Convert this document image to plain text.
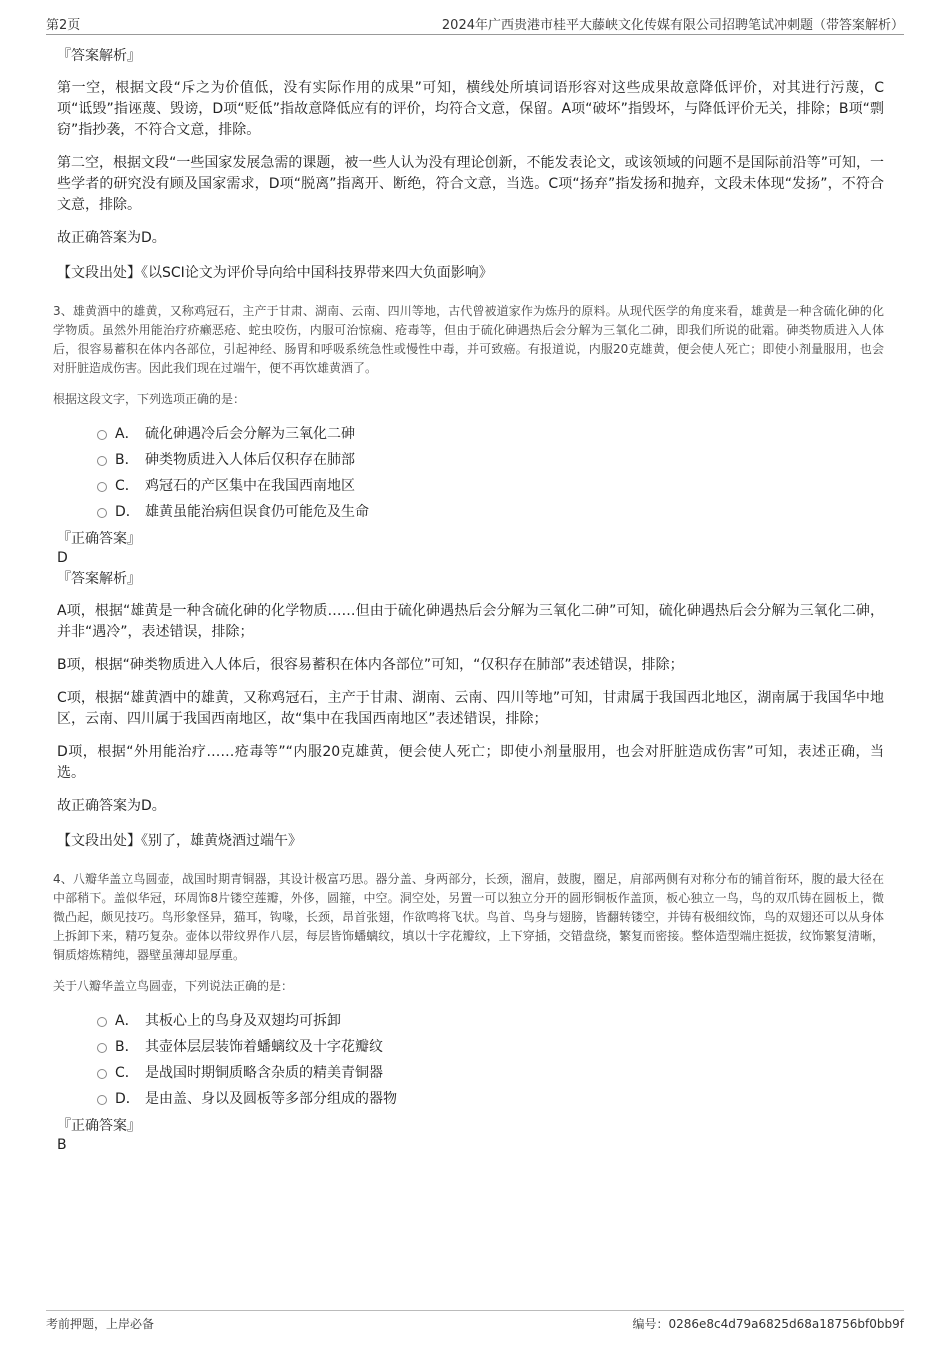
第2页	2024年广西贵港市桂平大藤峡文化传媒有限公司招聘笔试冲刺题（带答案解析）

『答案解析』

第一空，根据文段“斥之为价值低，没有实际作用的成果”可知，横线处所填词语形容对这些成果故意降低评价，对其进行污蔑，C项“诋毁”指诬蔑、毁谤，D项“贬低”指故意降低应有的评价，均符合文意，保留。A项“破坏”指毁坏，与降低评价无关，排除；B项“剽窃”指抄袭，不符合文意，排除。

第二空，根据文段“一些国家发展急需的课题，被一些人认为没有理论创新，不能发表论文，或该领域的问题不是国际前沿等”可知，一些学者的研究没有顾及国家需求，D项“脱离”指离开、断绝，符合文意，当选。C项“扬弃”指发扬和抛弃，文段未体现“发扬”，不符合文意，排除。

故正确答案为D。

【文段出处】《以SCI论文为评价导向给中国科技界带来四大负面影响》

3、雄黄酒中的雄黄，又称鸡冠石，主产于甘肃、湖南、云南、四川等地，古代曾被道家作为炼丹的原料。从现代医学的角度来看，雄黄是一种含硫化砷的化学物质。虽然外用能治疗疥癞恶疮、蛇虫咬伤，内服可治惊痫、疮毒等，但由于硫化砷遇热后会分解为三氧化二砷，即我们所说的砒霜。砷类物质进入人体后，很容易蓄积在体内各部位，引起神经、肠胃和呼吸系统急性或慢性中毒，并可致癌。有报道说，内服20克雄黄，便会使人死亡；即使小剂量服用，也会对肝脏造成伤害。因此我们现在过端午，便不再饮雄黄酒了。

根据这段文字，下列选项正确的是：

A． 硫化砷遇冷后会分解为三氧化二砷
B． 砷类物质进入人体后仅积存在肺部
C． 鸡冠石的产区集中在我国西南地区
D． 雄黄虽能治病但误食仍可能危及生命

『正确答案』

D

『答案解析』

A项，根据“雄黄是一种含硫化砷的化学物质……但由于硫化砷遇热后会分解为三氧化二砷”可知，硫化砷遇热后会分解为三氧化二砷，并非“遇冷”，表述错误，排除；

B项，根据“砷类物质进入人体后，很容易蓄积在体内各部位”可知，“仅积存在肺部”表述错误，排除；

C项，根据“雄黄酒中的雄黄，又称鸡冠石，主产于甘肃、湖南、云南、四川等地”可知，甘肃属于我国西北地区，湖南属于我国华中地区，云南、四川属于我国西南地区，故“集中在我国西南地区”表述错误，排除；

D项，根据“外用能治疗……疮毒等”“内服20克雄黄，便会使人死亡；即使小剂量服用，也会对肝脏造成伤害”可知，表述正确，当选。

故正确答案为D。

【文段出处】《别了，雄黄烧酒过端午》

4、八瓣华盖立鸟圆壶，战国时期青铜器，其设计极富巧思。器分盖、身两部分，长颈，溜肩，鼓腹，圈足，肩部两侧有对称分布的铺首衔环，腹的最大径在中部稍下。盖似华冠，环周饰8片镂空莲瓣，外侈，圆箍，中空。洞空处，另置一可以独立分开的圆形铜板作盖顶，板心独立一鸟，鸟的双爪铸在圆板上，微微凸起，颇见技巧。鸟形象怪异，猫耳，钩喙，长颈，昂首张翅，作欲鸣将飞状。鸟首、鸟身与翅膀，皆翻转镂空，并铸有极细纹饰，鸟的双翅还可以从身体上拆卸下来，精巧复杂。壶体以带纹界作八层，每层皆饰蟠螭纹，填以十字花瓣纹，上下穿插，交错盘绕，繁复而密接。整体造型端庄挺拔，纹饰繁复清晰，铜质熔炼精纯，器壁虽薄却显厚重。

关于八瓣华盖立鸟圆壶，下列说法正确的是：

A． 其板心上的鸟身及双翅均可拆卸
B． 其壶体层层装饰着蟠螭纹及十字花瓣纹
C． 是战国时期铜质略含杂质的精美青铜器
D． 是由盖、身以及圆板等多部分组成的器物

『正确答案』

B

考前押题，上岸必备	编号：0286e8c4d79a6825d68a18756bf0bb9f
